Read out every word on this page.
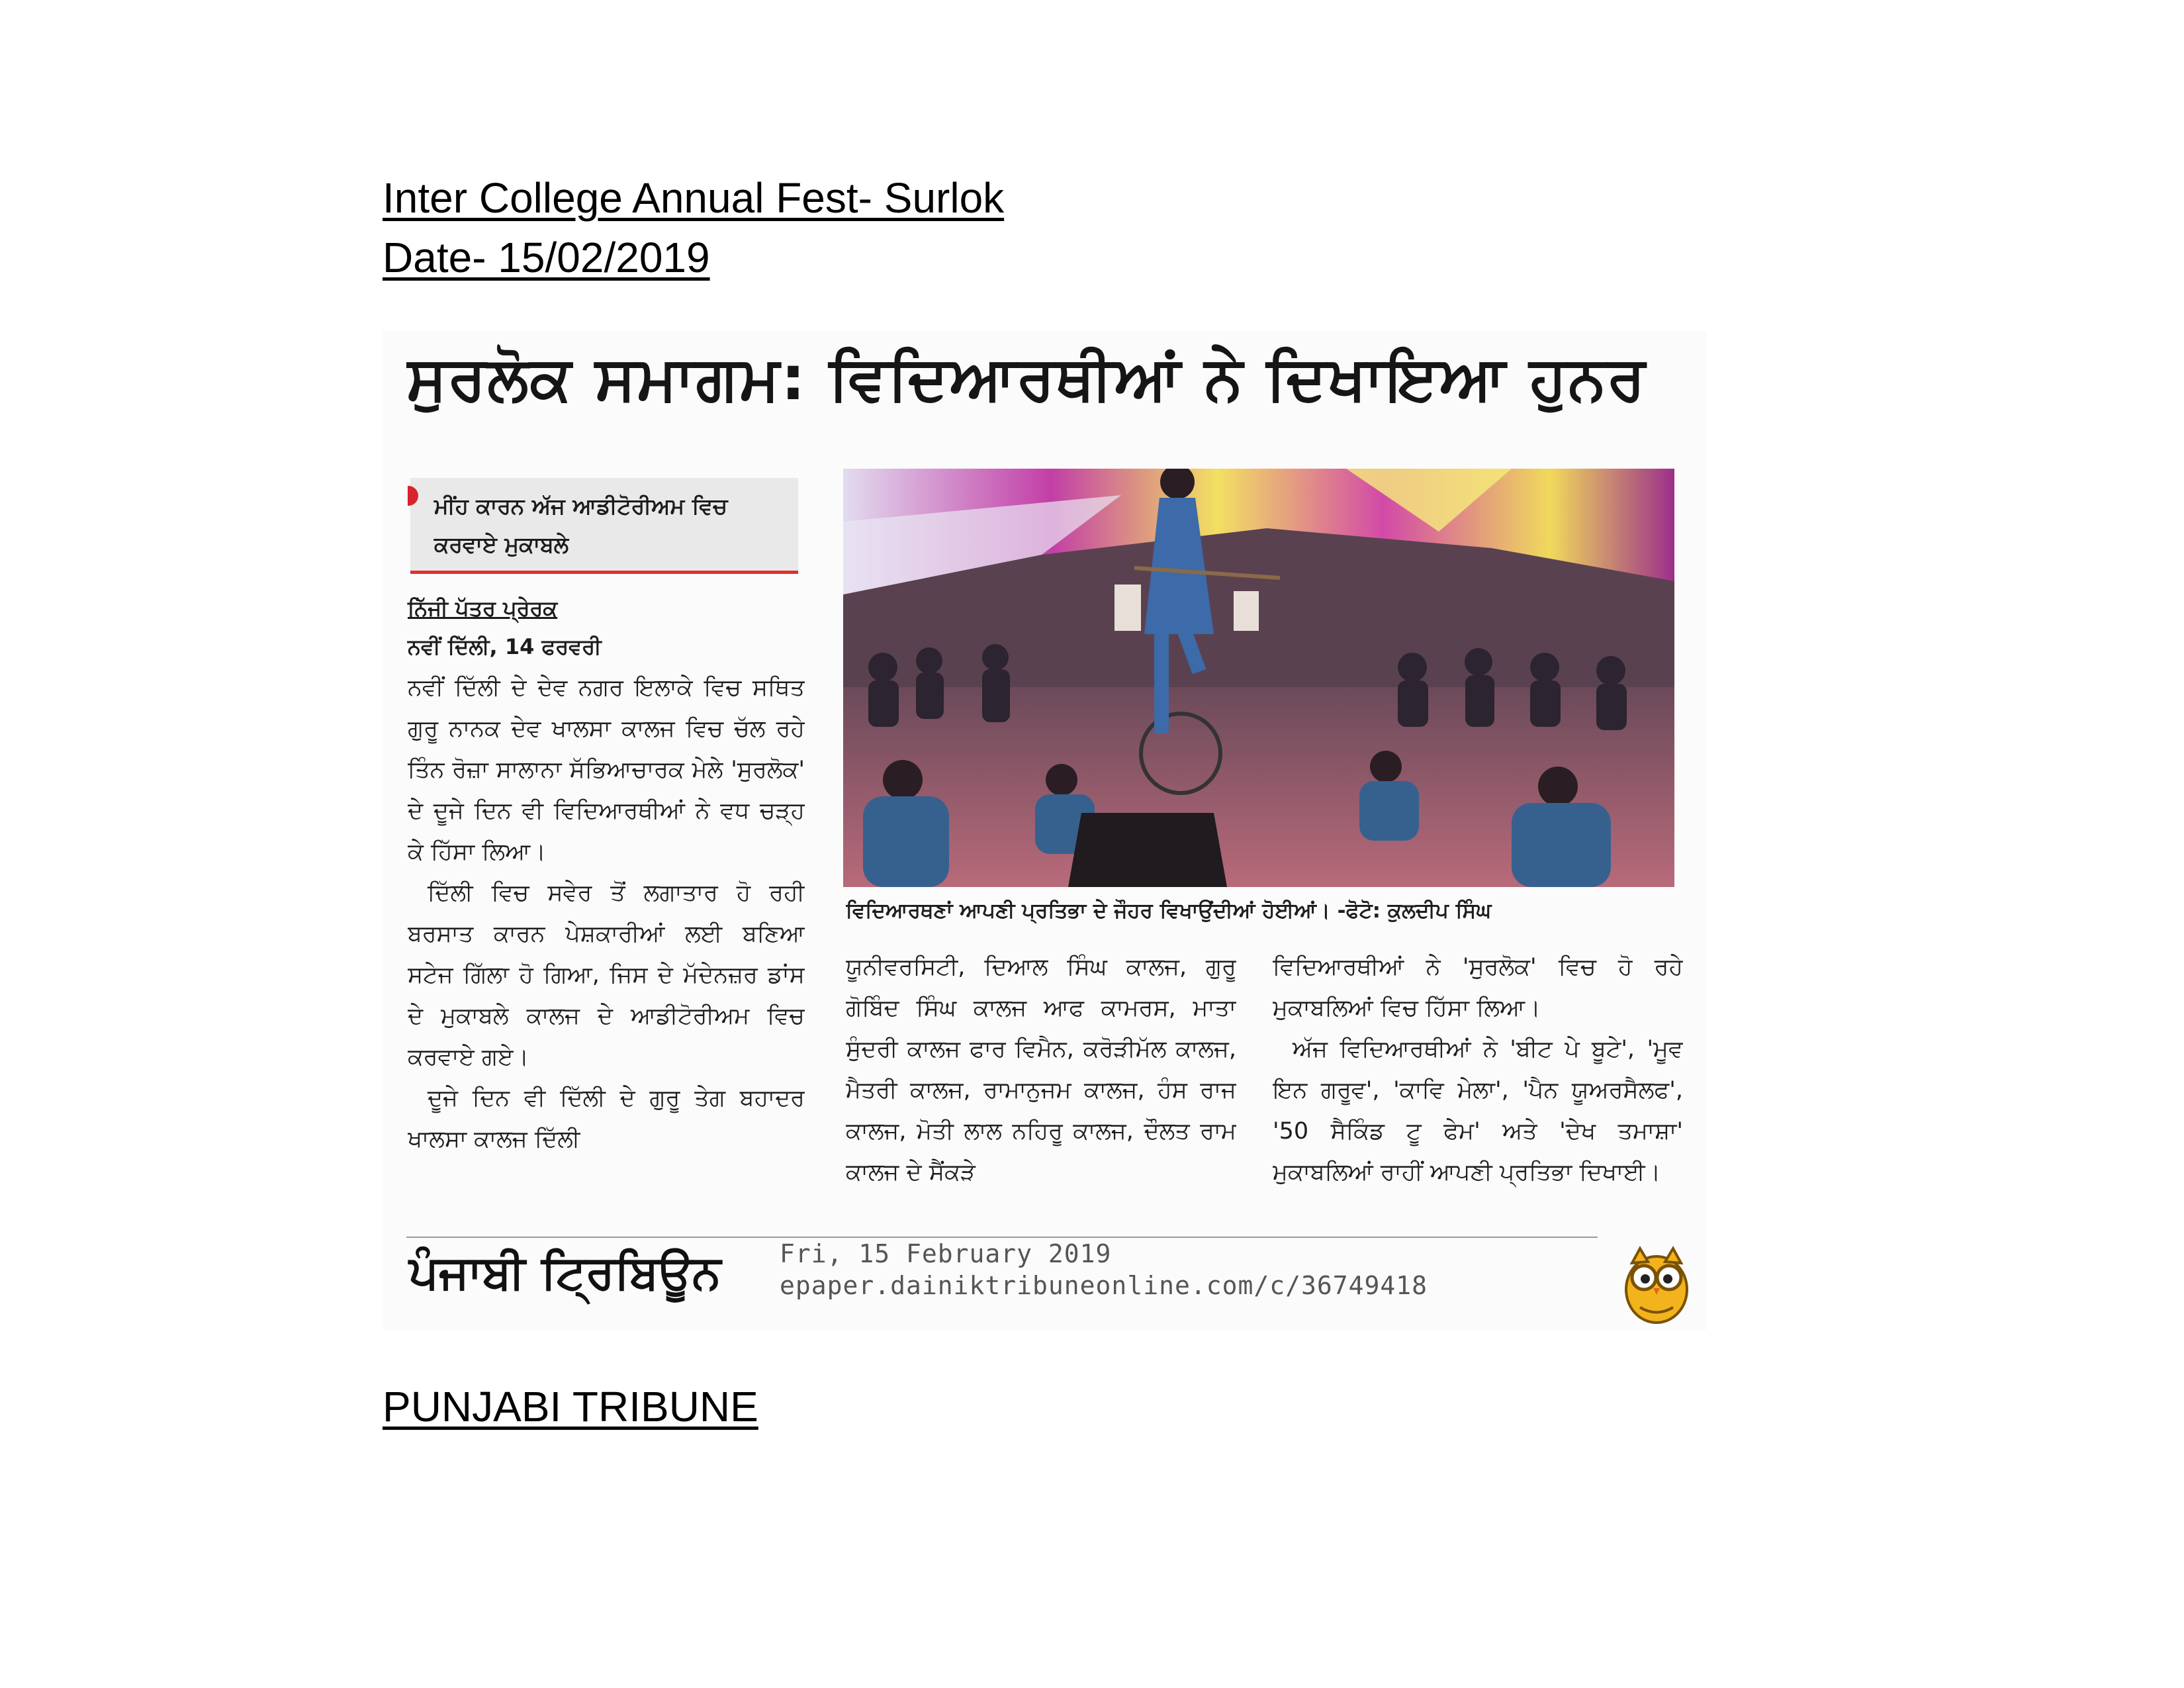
Inter College Annual Fest- Surlok

Date- 15/02/2019

ਸੁਰਲੋਕ ਸਮਾਗਮ: ਵਿਦਿਆਰਥੀਆਂ ਨੇ ਦਿਖਾਇਆ ਹੁਨਰ
ਮੀਂਹ ਕਾਰਨ ਅੱਜ ਆਡੀਟੋਰੀਅਮ ਵਿਚ ਕਰਵਾਏ ਮੁਕਾਬਲੇ
ਨਿੱਜੀ ਪੱਤਰ ਪ੍ਰੇਰਕ
ਨਵੀਂ ਦਿੱਲੀ, 14 ਫਰਵਰੀ

ਨਵੀਂ ਦਿੱਲੀ ਦੇ ਦੇਵ ਨਗਰ ਇਲਾਕੇ ਵਿਚ ਸਥਿਤ ਗੁਰੂ ਨਾਨਕ ਦੇਵ ਖਾਲਸਾ ਕਾਲਜ ਵਿਚ ਚੱਲ ਰਹੇ ਤਿੰਨ ਰੋਜ਼ਾ ਸਾਲਾਨਾ ਸੱਭਿਆਚਾਰਕ ਮੇਲੇ 'ਸੁਰਲੋਕ' ਦੇ ਦੂਜੇ ਦਿਨ ਵੀ ਵਿਦਿਆਰਥੀਆਂ ਨੇ ਵਧ ਚੜ੍ਹ ਕੇ ਹਿੱਸਾ ਲਿਆ।

ਦਿੱਲੀ ਵਿਚ ਸਵੇਰ ਤੋਂ ਲਗਾਤਾਰ ਹੋ ਰਹੀ ਬਰਸਾਤ ਕਾਰਨ ਪੇਸ਼ਕਾਰੀਆਂ ਲਈ ਬਣਿਆ ਸਟੇਜ ਗਿੱਲਾ ਹੋ ਗਿਆ, ਜਿਸ ਦੇ ਮੱਦੇਨਜ਼ਰ ਡਾਂਸ ਦੇ ਮੁਕਾਬਲੇ ਕਾਲਜ ਦੇ ਆਡੀਟੋਰੀਅਮ ਵਿਚ ਕਰਵਾਏ ਗਏ।

ਦੂਜੇ ਦਿਨ ਵੀ ਦਿੱਲੀ ਦੇ ਗੁਰੂ ਤੇਗ ਬਹਾਦਰ ਖਾਲਸਾ ਕਾਲਜ ਦਿੱਲੀ

ਵਿਦਿਆਰਥਣਾਂ ਆਪਣੀ ਪ੍ਰਤਿਭਾ ਦੇ ਜੌਹਰ ਵਿਖਾਉਂਦੀਆਂ ਹੋਈਆਂ। -ਫੋਟੋ: ਕੁਲਦੀਪ ਸਿੰਘ
ਯੂਨੀਵਰਸਿਟੀ, ਦਿਆਲ ਸਿੰਘ ਕਾਲਜ, ਗੁਰੂ ਗੋਬਿੰਦ ਸਿੰਘ ਕਾਲਜ ਆਫ ਕਾਮਰਸ, ਮਾਤਾ ਸੁੰਦਰੀ ਕਾਲਜ ਫਾਰ ਵਿਮੈਨ, ਕਰੋੜੀਮੱਲ ਕਾਲਜ, ਮੈਤਰੀ ਕਾਲਜ, ਰਾਮਾਨੁਜਮ ਕਾਲਜ, ਹੰਸ ਰਾਜ ਕਾਲਜ, ਮੋਤੀ ਲਾਲ ਨਹਿਰੂ ਕਾਲਜ, ਦੌਲਤ ਰਾਮ ਕਾਲਜ ਦੇ ਸੈਂਕੜੇ

ਵਿਦਿਆਰਥੀਆਂ ਨੇ 'ਸੁਰਲੋਕ' ਵਿਚ ਹੋ ਰਹੇ ਮੁਕਾਬਲਿਆਂ ਵਿਚ ਹਿੱਸਾ ਲਿਆ।

ਅੱਜ ਵਿਦਿਆਰਥੀਆਂ ਨੇ 'ਬੀਟ ਪੇ ਬੂਟੇ', 'ਮੂਵ ਇਨ ਗਰੂਵ', 'ਕਾਵਿ ਮੇਲਾ', 'ਪੈਨ ਯੂਅਰਸੈਲਫ', '50 ਸੈਕਿੰਡ ਟੂ ਫੇਮ' ਅਤੇ 'ਦੇਖ ਤਮਾਸ਼ਾ' ਮੁਕਾਬਲਿਆਂ ਰਾਹੀਂ ਆਪਣੀ ਪ੍ਰਤਿਭਾ ਦਿਖਾਈ।

ਪੰਜਾਬੀ ਟ੍ਰਿਬਿਊਨ Fri, 15 February 2019
epaper.dainiktribuneonline.com/c/36749418

PUNJABI TRIBUNE
